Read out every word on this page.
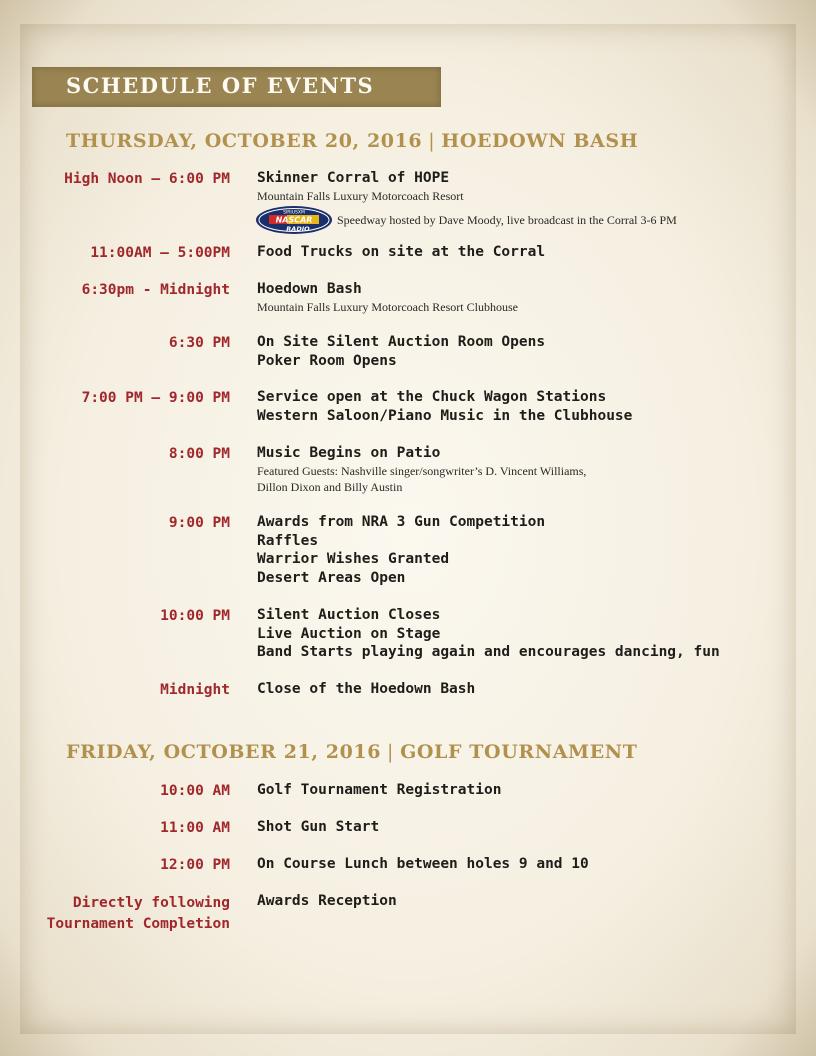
SCHEDULE OF EVENTS
THURSDAY, OCTOBER 20, 2016 | HOEDOWN BASH
High Noon – 6:00 PM Skinner Corral of HOPE
Mountain Falls Luxury Motorcoach Resort
SIRIUSXM
NASCAR
RADIO
Speedway hosted by Dave Moody, live broadcast in the Corral 3-6 PM
11:00AM – 5:00PM Food Trucks on site at the Corral
6:30pm - Midnight Hoedown Bash
Mountain Falls Luxury Motorcoach Resort Clubhouse
6:30 PM On Site Silent Auction Room Opens
Poker Room Opens
7:00 PM – 9:00 PM Service open at the Chuck Wagon Stations
Western Saloon/Piano Music in the Clubhouse
8:00 PM Music Begins on Patio
Featured Guests: Nashville singer/songwriter’s D. Vincent Williams,
Dillon Dixon and Billy Austin
9:00 PM Awards from NRA 3 Gun Competition
Raffles
Warrior Wishes Granted
Desert Areas Open
10:00 PM Silent Auction Closes
Live Auction on Stage
Band Starts playing again and encourages dancing, fun
Midnight Close of the Hoedown Bash
FRIDAY, OCTOBER 21, 2016 | GOLF TOURNAMENT
10:00 AM Golf Tournament Registration
11:00 AM Shot Gun Start
12:00 PM On Course Lunch between holes 9 and 10
Directly following
Tournament Completion
Awards Reception
